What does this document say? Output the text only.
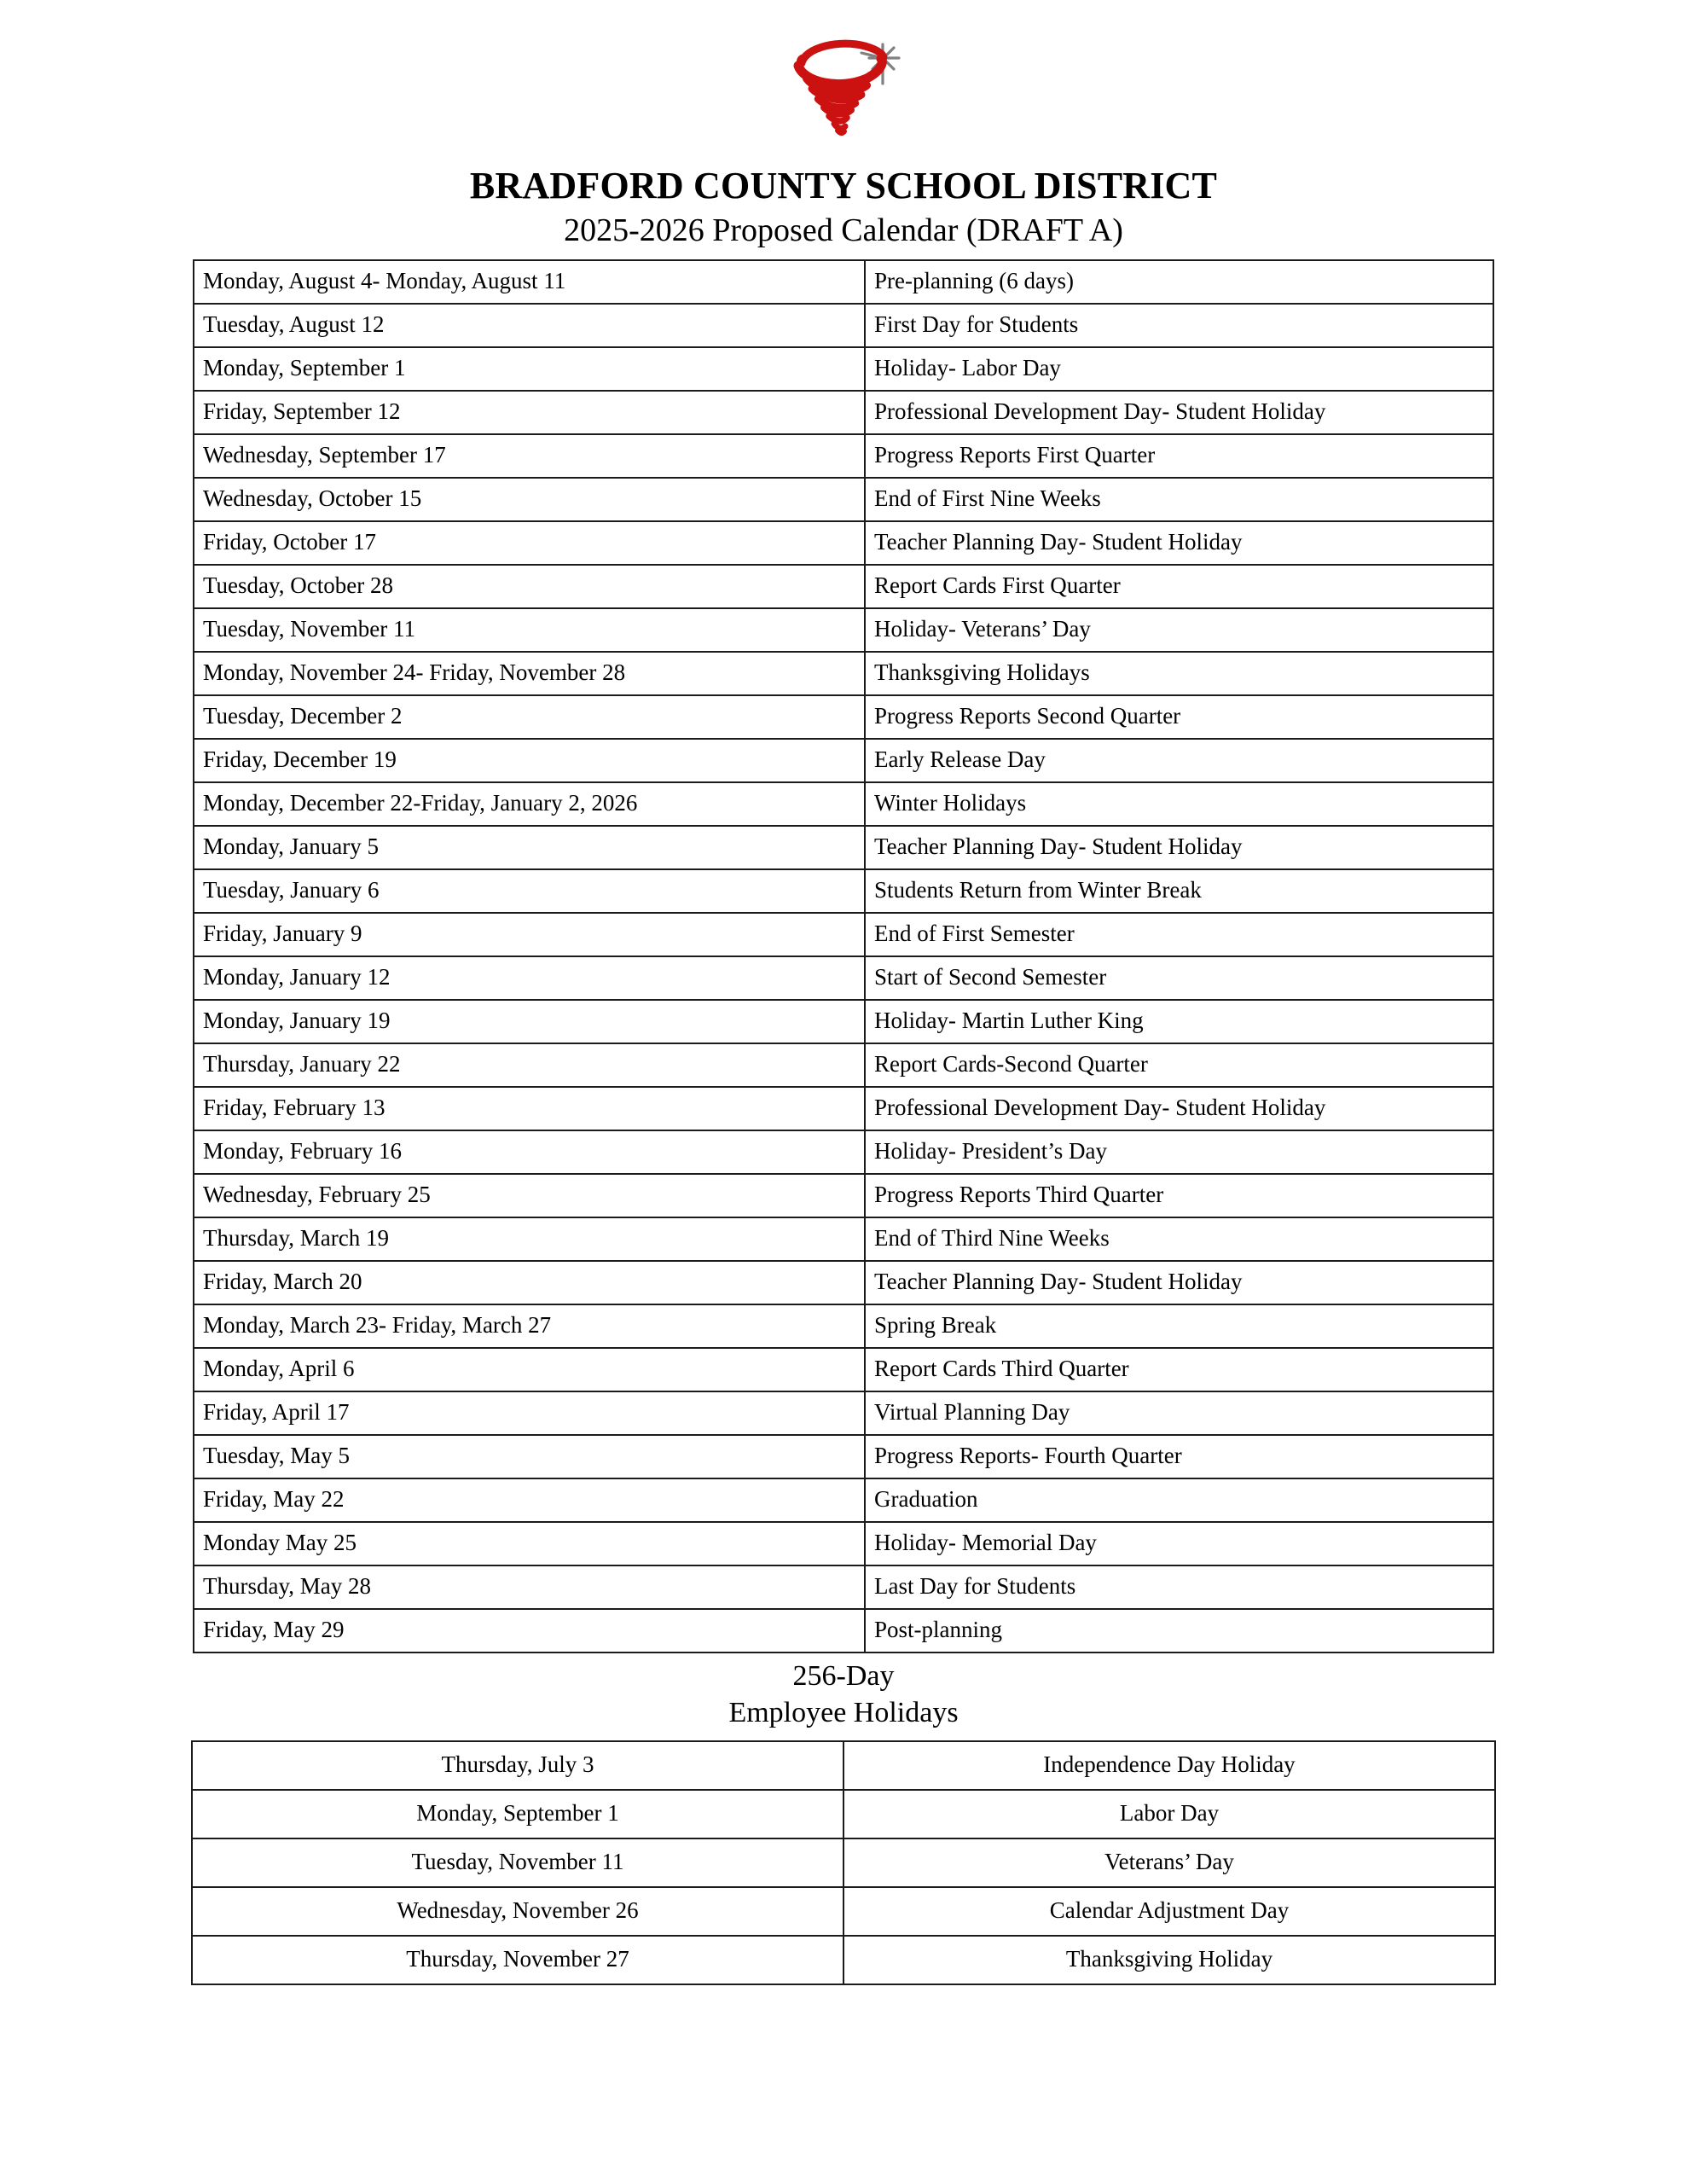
BRADFORD COUNTY SCHOOL DISTRICT
2025-2026 Proposed Calendar (DRAFT A)
Monday, August 4- Monday, August 11	Pre-planning (6 days)
Tuesday, August 12	First Day for Students
Monday, September 1	Holiday- Labor Day
Friday, September 12	Professional Development Day- Student Holiday
Wednesday, September 17	Progress Reports First Quarter
Wednesday, October 15	End of First Nine Weeks
Friday, October 17	Teacher Planning Day- Student Holiday
Tuesday, October 28	Report Cards First Quarter
Tuesday, November 11	Holiday- Veterans’ Day
Monday, November 24- Friday, November 28	Thanksgiving Holidays
Tuesday, December 2	Progress Reports Second Quarter
Friday, December 19	Early Release Day
Monday, December 22-Friday, January 2, 2026	Winter Holidays
Monday, January 5	Teacher Planning Day- Student Holiday
Tuesday, January 6	Students Return from Winter Break
Friday, January 9	End of First Semester
Monday, January 12	Start of Second Semester
Monday, January 19	Holiday- Martin Luther King
Thursday, January 22	Report Cards-Second Quarter
Friday, February 13	Professional Development Day- Student Holiday
Monday, February 16	Holiday- President’s Day
Wednesday, February 25	Progress Reports Third Quarter
Thursday, March 19	End of Third Nine Weeks
Friday, March 20	Teacher Planning Day- Student Holiday
Monday, March 23- Friday, March 27	Spring Break
Monday, April 6	Report Cards Third Quarter
Friday, April 17	Virtual Planning Day
Tuesday, May 5	Progress Reports- Fourth Quarter
Friday, May 22	Graduation
Monday May 25	Holiday- Memorial Day
Thursday, May 28	Last Day for Students
Friday, May 29	Post-planning
256-Day
Employee Holidays
Thursday, July 3	Independence Day Holiday
Monday, September 1	Labor Day
Tuesday, November 11	Veterans’ Day
Wednesday, November 26	Calendar Adjustment Day
Thursday, November 27	Thanksgiving Holiday
